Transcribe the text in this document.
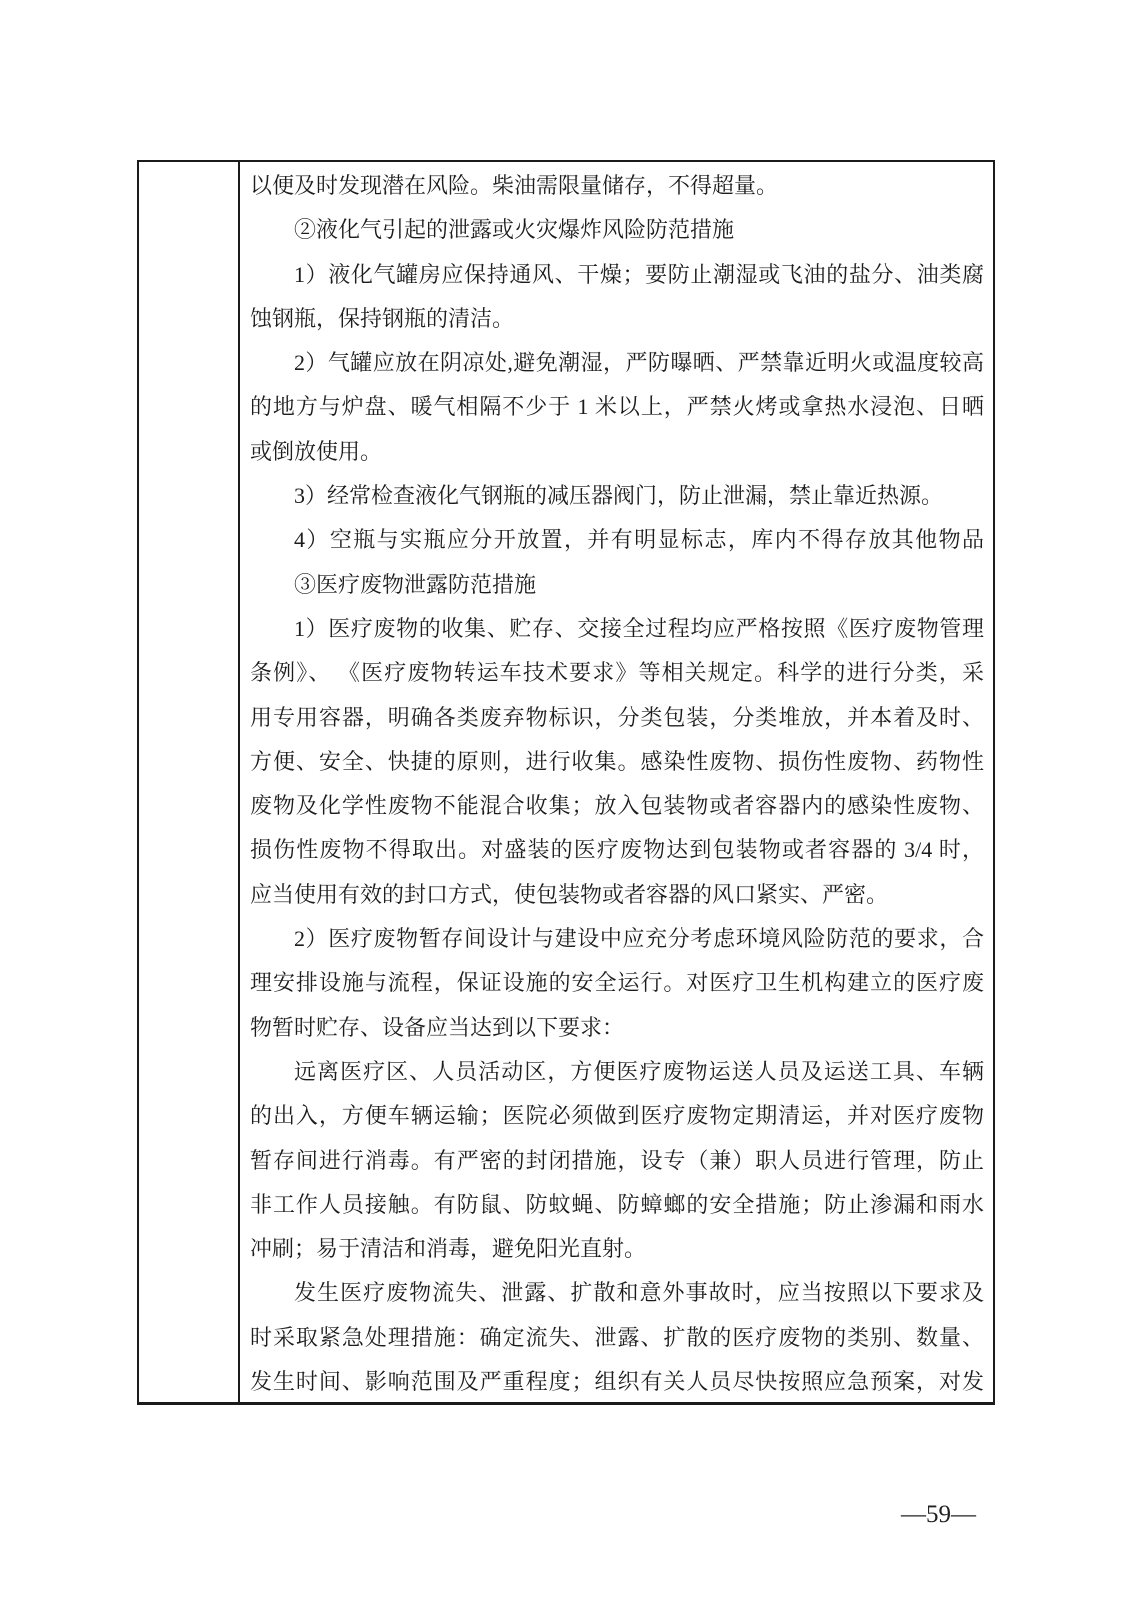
以便及时发现潜在风险。柴油需限量储存，不得超量。
②液化气引起的泄露或火灾爆炸风险防范措施
1）液化气罐房应保持通风、干燥；要防止潮湿或飞油的盐分、油类腐
蚀钢瓶，保持钢瓶的清洁。
2）气罐应放在阴凉处,避免潮湿，严防曝晒、严禁靠近明火或温度较高
的地方与炉盘、暖气相隔不少于 1 米以上，严禁火烤或拿热水浸泡、日晒
或倒放使用。
3）经常检查液化气钢瓶的减压器阀门，防止泄漏，禁止靠近热源。
4）空瓶与实瓶应分开放置，并有明显标志，库内不得存放其他物品
③医疗废物泄露防范措施
1）医疗废物的收集、贮存、交接全过程均应严格按照《医疗废物管理
条例》、 《医疗废物转运车技术要求》等相关规定。科学的进行分类，采
用专用容器，明确各类废弃物标识，分类包装，分类堆放，并本着及时、
方便、安全、快捷的原则，进行收集。感染性废物、损伤性废物、药物性
废物及化学性废物不能混合收集；放入包装物或者容器内的感染性废物、
损伤性废物不得取出。对盛装的医疗废物达到包装物或者容器的 3/4 时，
应当使用有效的封口方式，使包装物或者容器的风口紧实、严密。
2）医疗废物暂存间设计与建设中应充分考虑环境风险防范的要求，合
理安排设施与流程，保证设施的安全运行。对医疗卫生机构建立的医疗废
物暂时贮存、设备应当达到以下要求：
远离医疗区、人员活动区，方便医疗废物运送人员及运送工具、车辆
的出入，方便车辆运输；医院必须做到医疗废物定期清运，并对医疗废物
暂存间进行消毒。有严密的封闭措施，设专（兼）职人员进行管理，防止
非工作人员接触。有防鼠、防蚊蝇、防蟑螂的安全措施；防止渗漏和雨水
冲刷；易于清洁和消毒，避免阳光直射。
发生医疗废物流失、泄露、扩散和意外事故时，应当按照以下要求及
时采取紧急处理措施：确定流失、泄露、扩散的医疗废物的类别、数量、
发生时间、影响范围及严重程度；组织有关人员尽快按照应急预案，对发
—59—
